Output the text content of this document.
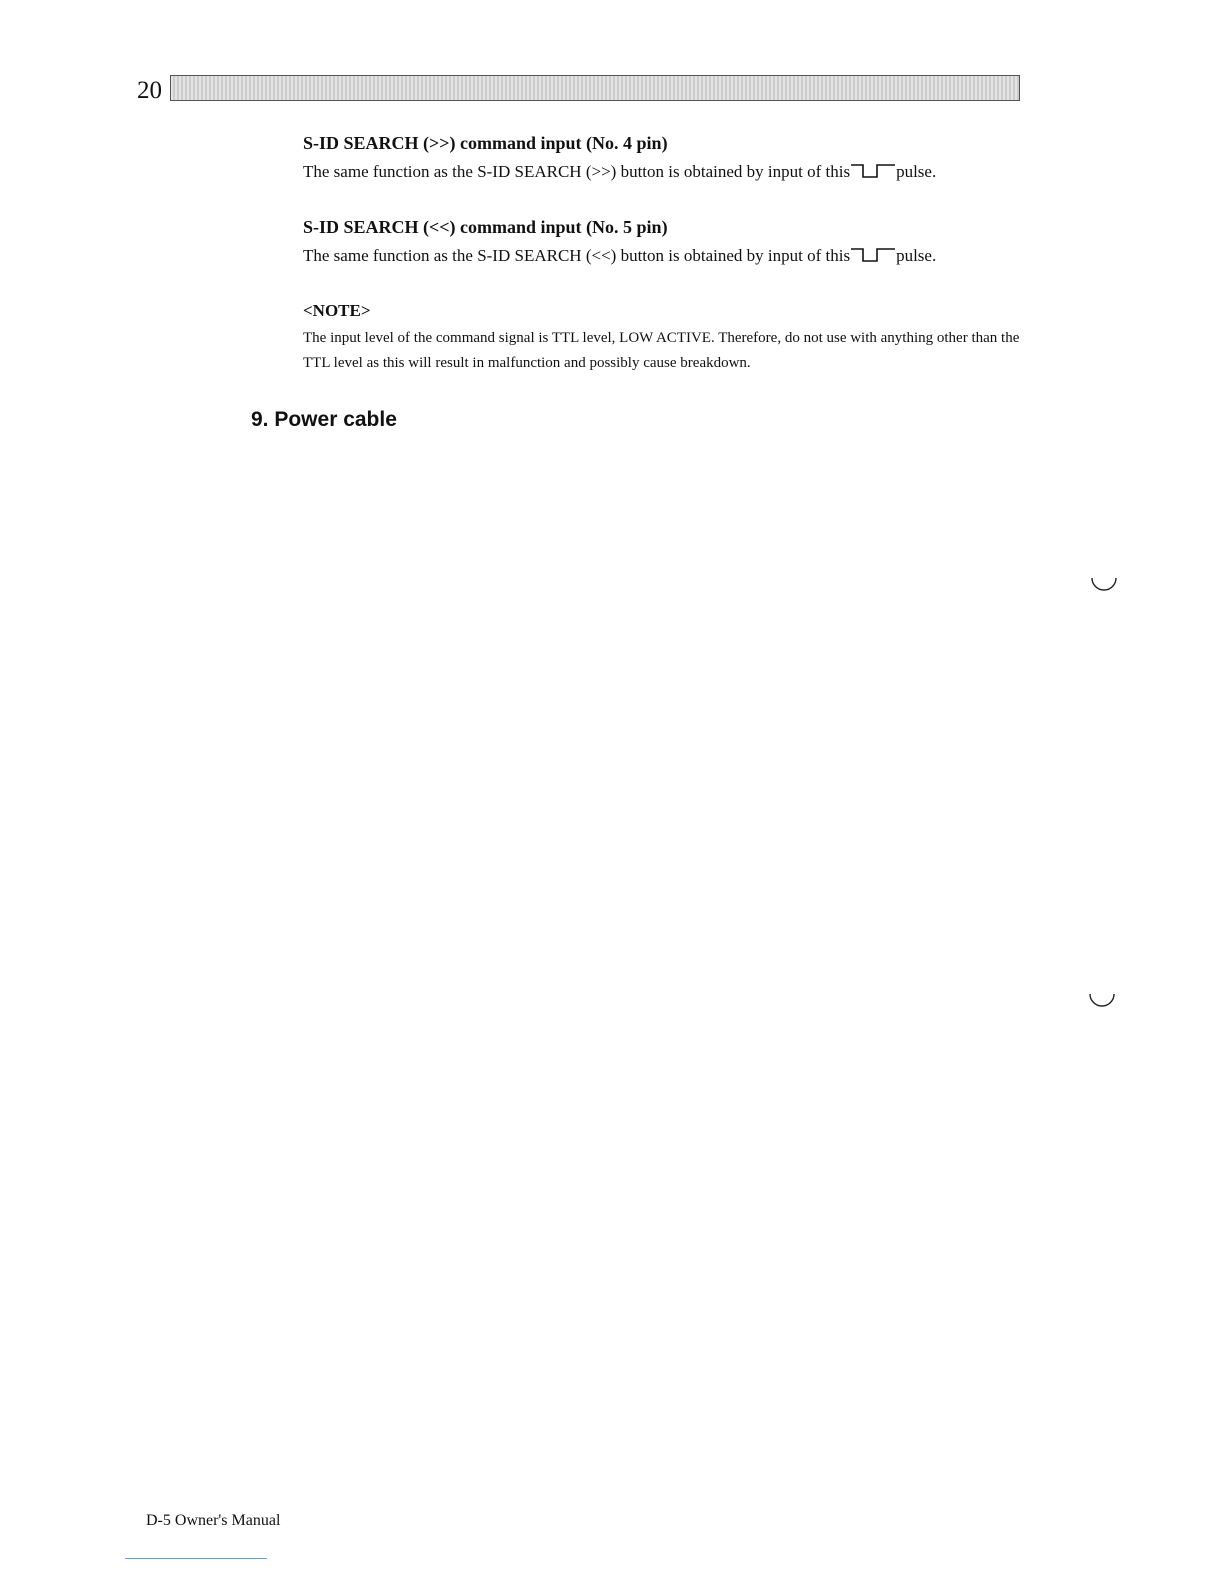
20
S-ID SEARCH (>>) command input (No. 4 pin)
The same function as the S-ID SEARCH (>>) button is obtained by input of this	pulse.
S-ID SEARCH (<<) command input (No. 5 pin)
The same function as the S-ID SEARCH (<<) button is obtained by input of this	pulse.
<NOTE>
The input level of the command signal is TTL level, LOW ACTIVE. Therefore, do not use with anything other than the TTL level as this will result in malfunction and possibly cause breakdown.
9. Power cable
D-5 Owner's Manual
